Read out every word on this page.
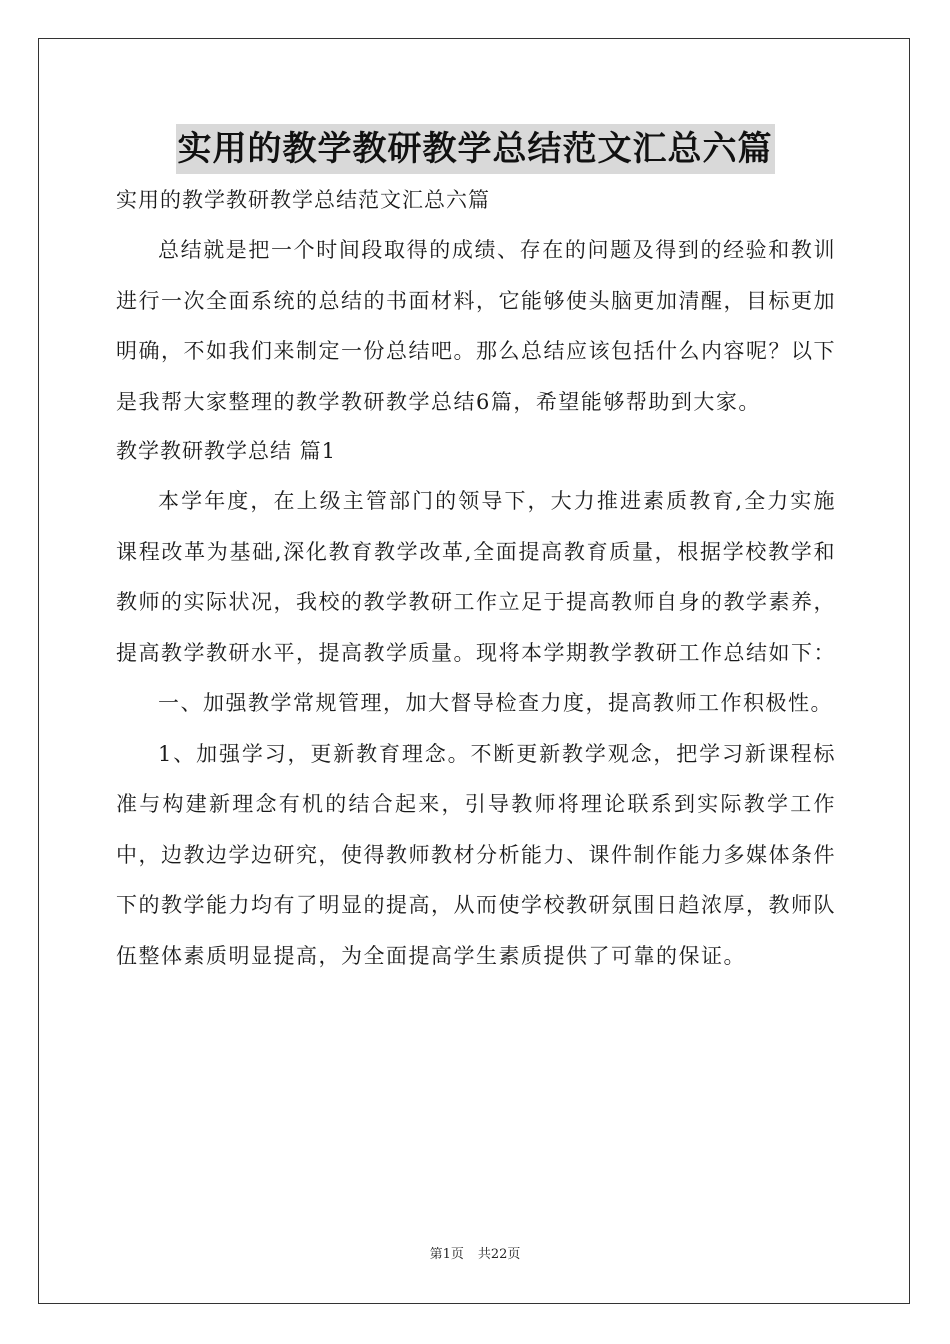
实用的教学教研教学总结范文汇总六篇
实用的教学教研教学总结范文汇总六篇

总结就是把一个时间段取得的成绩、存在的问题及得到的经验和教训进行一次全面系统的总结的书面材料，它能够使头脑更加清醒，目标更加明确，不如我们来制定一份总结吧。那么总结应该包括什么内容呢？以下是我帮大家整理的教学教研教学总结6篇，希望能够帮助到大家。

教学教研教学总结 篇1

本学年度，在上级主管部门的领导下，大力推进素质教育,全力实施课程改革为基础,深化教育教学改革,全面提高教育质量，根据学校教学和教师的实际状况，我校的教学教研工作立足于提高教师自身的教学素养，提高教学教研水平，提高教学质量。现将本学期教学教研工作总结如下：

一、加强教学常规管理，加大督导检查力度，提高教师工作积极性。

1、加强学习，更新教育理念。不断更新教学观念，把学习新课程标准与构建新理念有机的结合起来，引导教师将理论联系到实际教学工作中，边教边学边研究，使得教师教材分析能力、课件制作能力多媒体条件下的教学能力均有了明显的提高，从而使学校教研氛围日趋浓厚，教师队伍整体素质明显提高，为全面提高学生素质提供了可靠的保证。

第1页 共22页
